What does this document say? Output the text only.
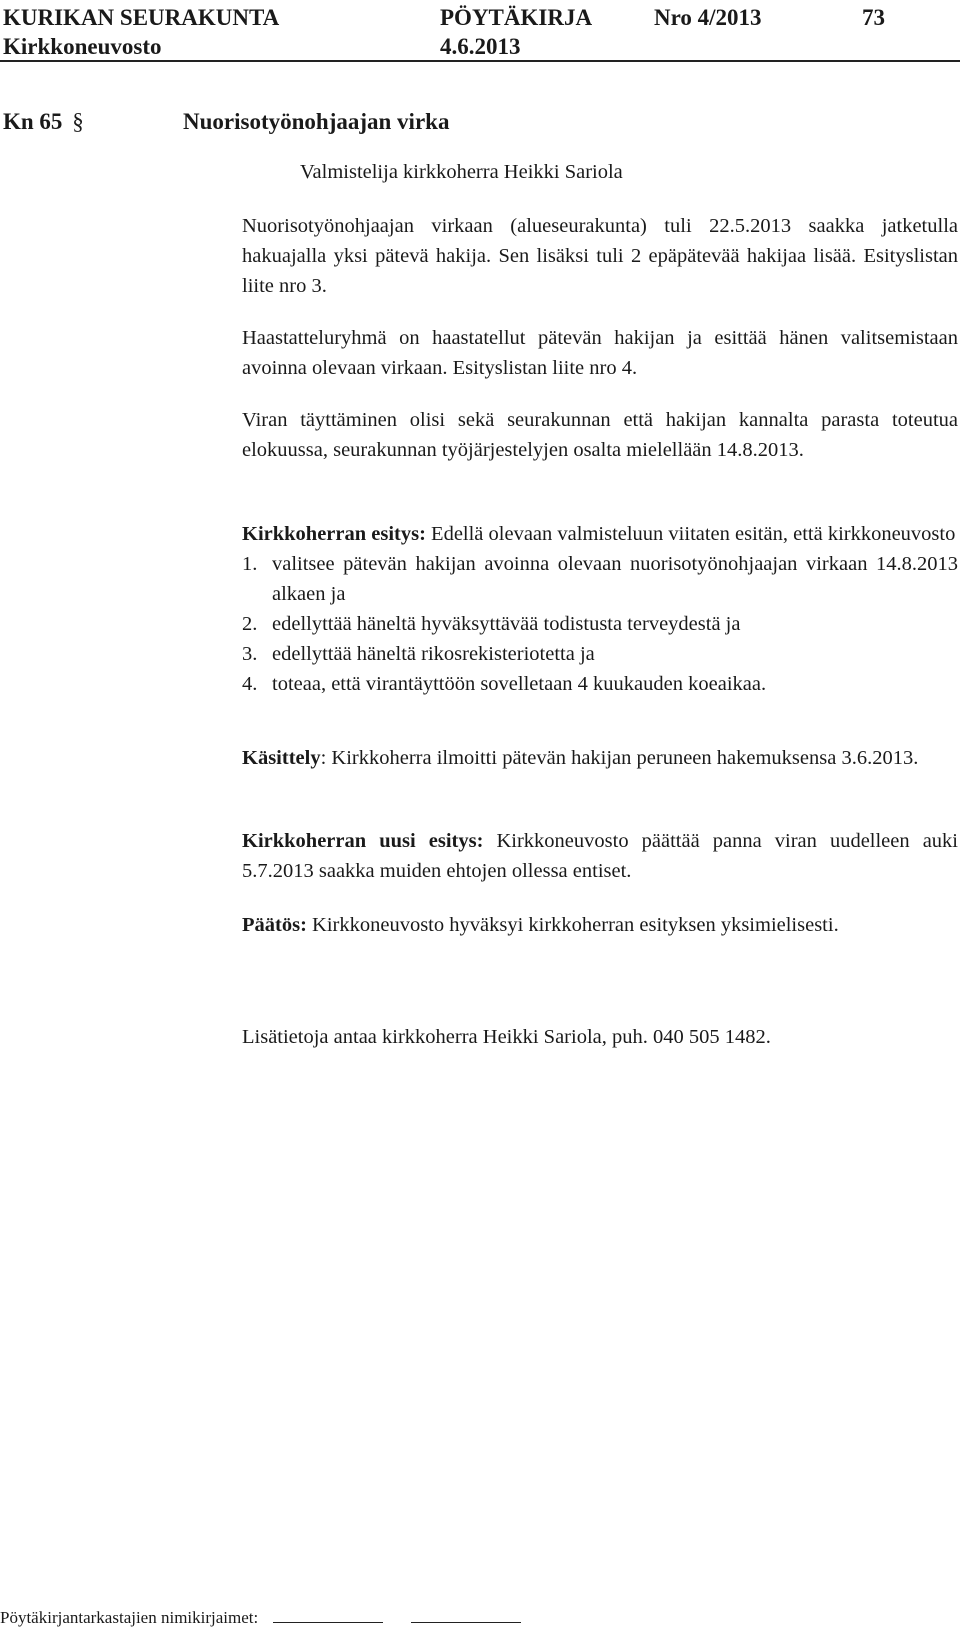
KURIKAN SEURAKUNTA	PÖYTÄKIRJA	Nro 4/2013	73
Kirkkoneuvosto	4.6.2013
Kn 65 §	Nuorisotyönohjaajan virka
Valmistelija kirkkoherra Heikki Sariola

Nuorisotyönohjaajan virkaan (alueseurakunta) tuli 22.5.2013 saakka jatketulla hakuajalla yksi pätevä hakija. Sen lisäksi tuli 2 epäpätevää hakijaa lisää. Esityslistan liite nro 3.

Haastatteluryhmä on haastatellut pätevän hakijan ja esittää hänen valitsemistaan avoinna olevaan virkaan. Esityslistan liite nro 4.

Viran täyttäminen olisi sekä seurakunnan että hakijan kannalta parasta toteutua elokuussa, seurakunnan työjärjestelyjen osalta mielellään 14.8.2013.

Kirkkoherran esitys: Edellä olevaan valmisteluun viitaten esitän, että kirkkoneuvosto

1. valitsee pätevän hakijan avoinna olevaan nuorisotyönohjaajan virkaan 14.8.2013 alkaen ja
2. edellyttää häneltä hyväksyttävää todistusta terveydestä ja
3. edellyttää häneltä rikosrekisteriotetta ja
4. toteaa, että virantäyttöön sovelletaan 4 kuukauden koeaikaa.

Käsittely: Kirkkoherra ilmoitti pätevän hakijan peruneen hakemuksensa 3.6.2013.

Kirkkoherran uusi esitys: Kirkkoneuvosto päättää panna viran uudelleen auki 5.7.2013 saakka muiden ehtojen ollessa entiset.

Päätös: Kirkkoneuvosto hyväksyi kirkkoherran esityksen yksimielisesti.

Lisätietoja antaa kirkkoherra Heikki Sariola, puh. 040 505 1482.

Pöytäkirjantarkastajien nimikirjaimet:
